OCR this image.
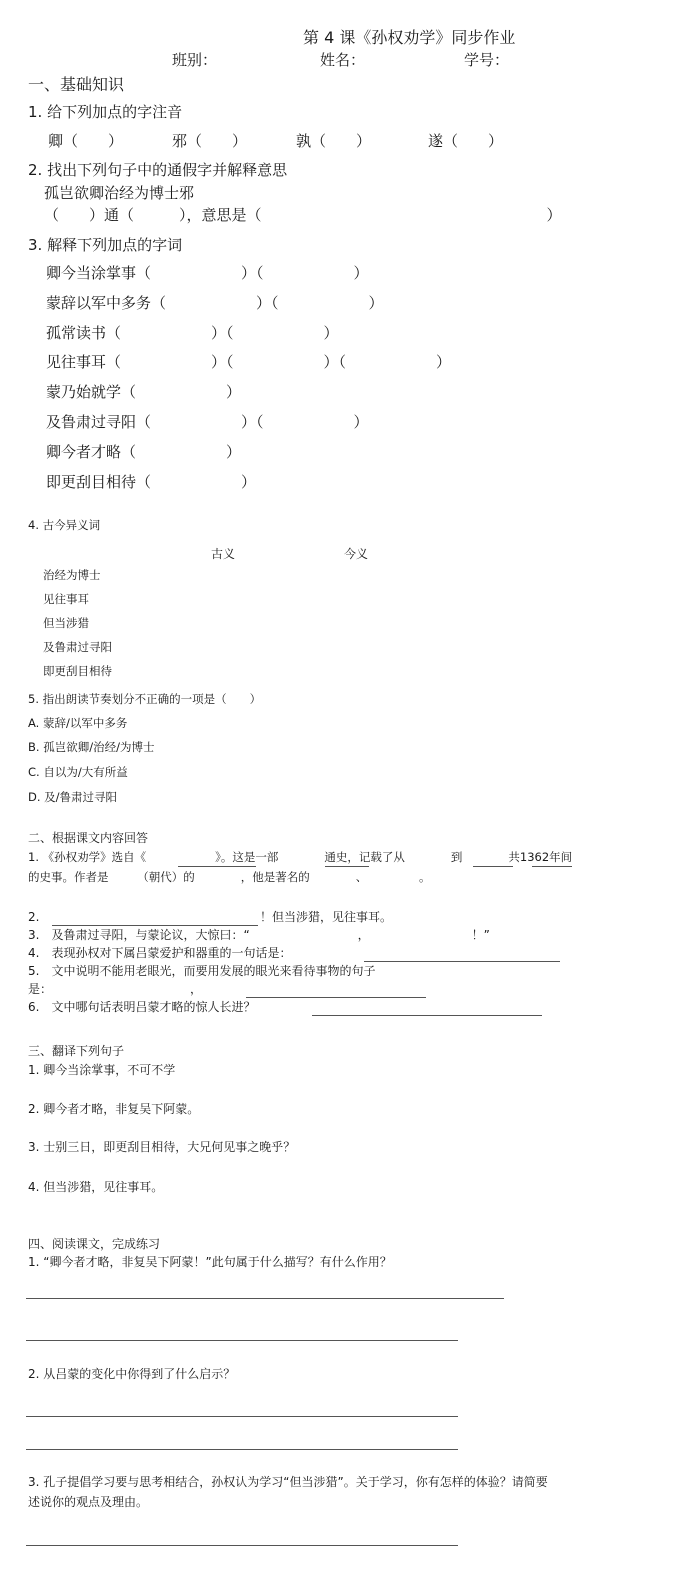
第 4 课《孙权劝学》同步作业
班别：	姓名：	学号：
一、基础知识
1. 给下列加点的字注音
卿（　　）	邪（　　）	孰（　　）	遂（　　）
2. 找出下列句子中的通假字并解释意思
孤岂欲卿治经为博士邪
（　　）通（　　　），意思是（　　　　　　　　　　　　　　　　　　　）
3. 解释下列加点的字词
卿今当涂掌事（　　　　　　）（　　　　　　）
蒙辞以军中多务（　　　　　　）（　　　　　　）
孤常读书（　　　　　　）（　　　　　　）
见往事耳（　　　　　　）（　　　　　　）（　　　　　　）
蒙乃始就学（　　　　　　）
及鲁肃过寻阳（　　　　　　）（　　　　　　）
卿今者才略（　　　　　　）
即更刮目相待（　　　　　　）
4. 古今异义词
古义	今义
治经为博士
见往事耳
但当涉猎
及鲁肃过寻阳
即更刮目相待
5. 指出朗读节奏划分不正确的一项是（　　）
A. 蒙辞/以军中多务
B. 孤岂欲卿/治经/为博士
C. 自以为/大有所益
D. 及/鲁肃过寻阳
二、根据课文内容回答
1. 《孙权劝学》选自《　　　　　　》。这是一部　　　　通史，记载了从　　　　到　　　　共1362年间
的史事。作者是　　　（朝代）的　　　　，他是著名的　　　　、　　　　　。
2.	！但当涉猎，见往事耳。
3.　及鲁肃过寻阳，与蒙论议，大惊曰：“　　　　　　　　　，　　　　　　　　　！”
4.　表现孙权对下属吕蒙爱护和器重的一句话是：
5.　文中说明不能用老眼光，而要用发展的眼光来看待事物的句子
是：　　　　　　　　　　　　，
6.　文中哪句话表明吕蒙才略的惊人长进？
三、翻译下列句子
1. 卿今当涂掌事，不可不学
2. 卿今者才略，非复吴下阿蒙。
3. 士别三日，即更刮目相待，大兄何见事之晚乎？
4. 但当涉猎，见往事耳。
四、阅读课文，完成练习
1. “卿今者才略，非复吴下阿蒙！”此句属于什么描写？有什么作用？
2. 从吕蒙的变化中你得到了什么启示？
3. 孔子提倡学习要与思考相结合，孙权认为学习“但当涉猎”。关于学习，你有怎样的体验？请简要
述说你的观点及理由。
